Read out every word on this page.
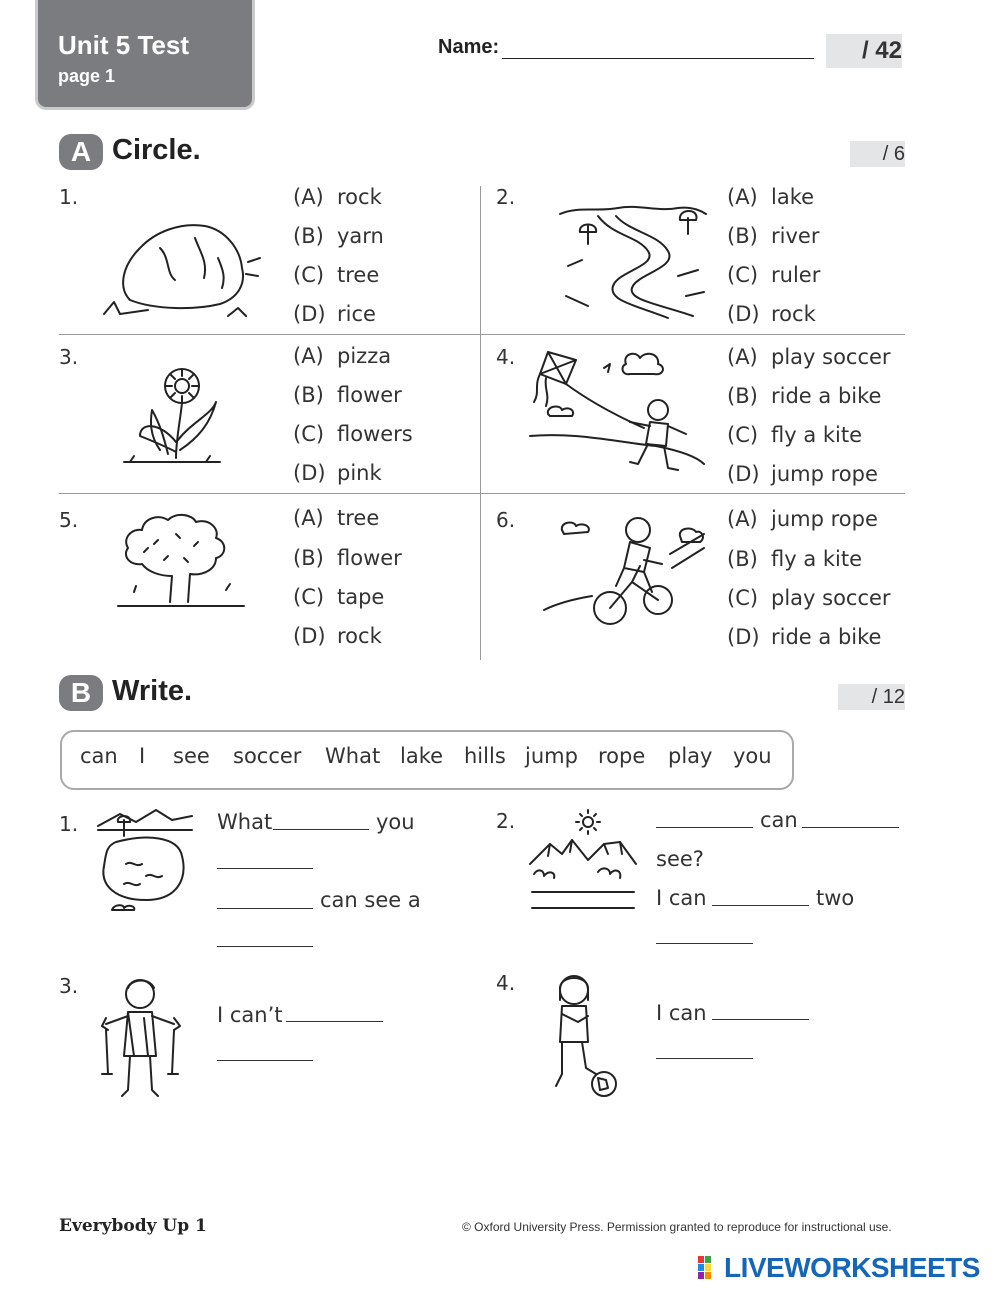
Unit 5 Test
page 1
Name:	/ 42
A Circle.	/ 6
1.	(A) rock
(B) yarn
(C) tree
(D) rice
2.	(A) lake
(B) river
(C) ruler
(D) rock
3.	(A) pizza
(B) flower
(C) flowers
(D) pink
4.	(A) play soccer
(B) ride a bike
(C) fly a kite
(D) jump rope
5.	(A) tree
(B) flower
(C) tape
(D) rock
6.	(A) jump rope
(B) fly a kite
(C) play soccer
(D) ride a bike
B Write.	/ 12
can I see soccer What lake hills jump rope play you
1.	What	you
can see a
2.	can
see?
I can	two
3.
I can’t
4.
I can
Everybody Up 1	© Oxford University Press. Permission granted to reproduce for instructional use.
LIVEWORKSHEETS
